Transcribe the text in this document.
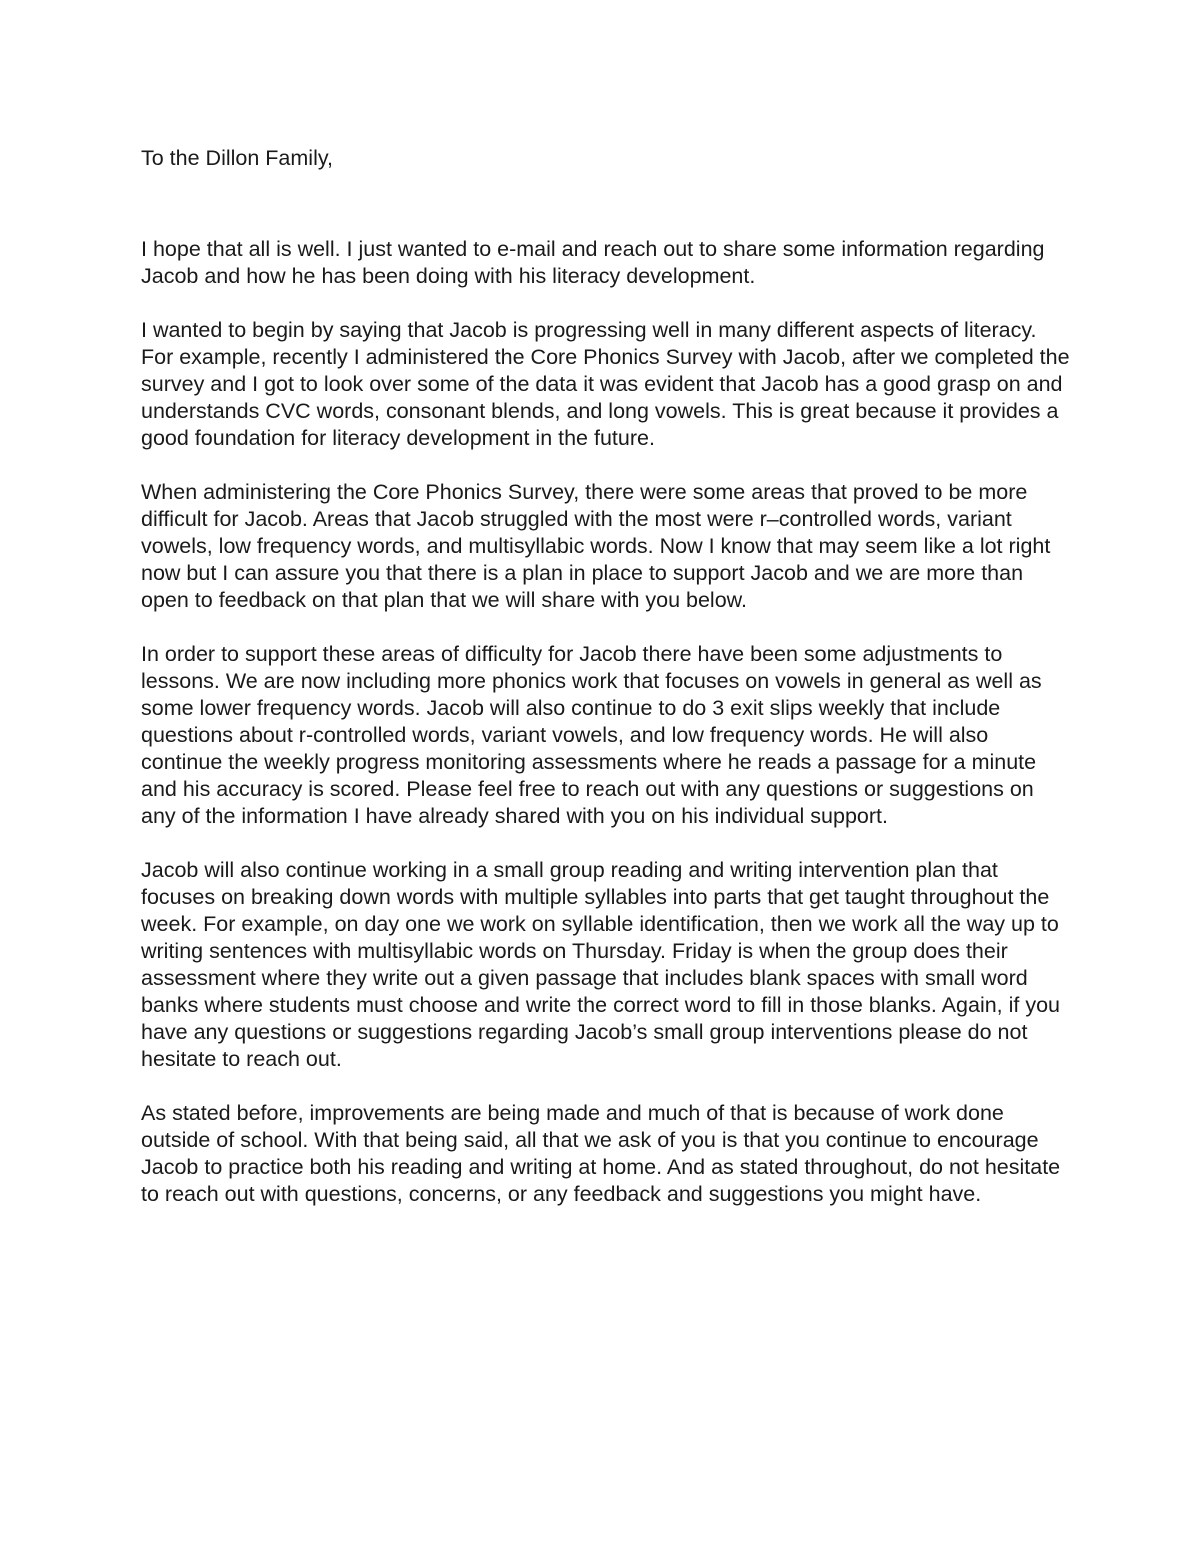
To the Dillon Family,

I hope that all is well. I just wanted to e-mail and reach out to share some information regarding Jacob and how he has been doing with his literacy development.

I wanted to begin by saying that Jacob is progressing well in many different aspects of literacy. For example, recently I administered the Core Phonics Survey with Jacob, after we completed the survey and I got to look over some of the data it was evident that Jacob has a good grasp on and understands CVC words, consonant blends, and long vowels. This is great because it provides a good foundation for literacy development in the future.

When administering the Core Phonics Survey, there were some areas that proved to be more difficult for Jacob. Areas that Jacob struggled with the most were r–controlled words, variant vowels, low frequency words, and multisyllabic words. Now I know that may seem like a lot right now but I can assure you that there is a plan in place to support Jacob and we are more than open to feedback on that plan that we will share with you below.

In order to support these areas of difficulty for Jacob there have been some adjustments to lessons. We are now including more phonics work that focuses on vowels in general as well as some lower frequency words. Jacob will also continue to do 3 exit slips weekly that include questions about r-controlled words, variant vowels, and low frequency words. He will also continue the weekly progress monitoring assessments where he reads a passage for a minute and his accuracy is scored. Please feel free to reach out with any questions or suggestions on any of the information I have already shared with you on his individual support.

Jacob will also continue working in a small group reading and writing intervention plan that focuses on breaking down words with multiple syllables into parts that get taught throughout the week. For example, on day one we work on syllable identification, then we work all the way up to writing sentences with multisyllabic words on Thursday. Friday is when the group does their assessment where they write out a given passage that includes blank spaces with small word banks where students must choose and write the correct word to fill in those blanks. Again, if you have any questions or suggestions regarding Jacob’s small group interventions please do not hesitate to reach out.

As stated before, improvements are being made and much of that is because of work done outside of school. With that being said, all that we ask of you is that you continue to encourage Jacob to practice both his reading and writing at home. And as stated throughout, do not hesitate to reach out with questions, concerns, or any feedback and suggestions you might have.
